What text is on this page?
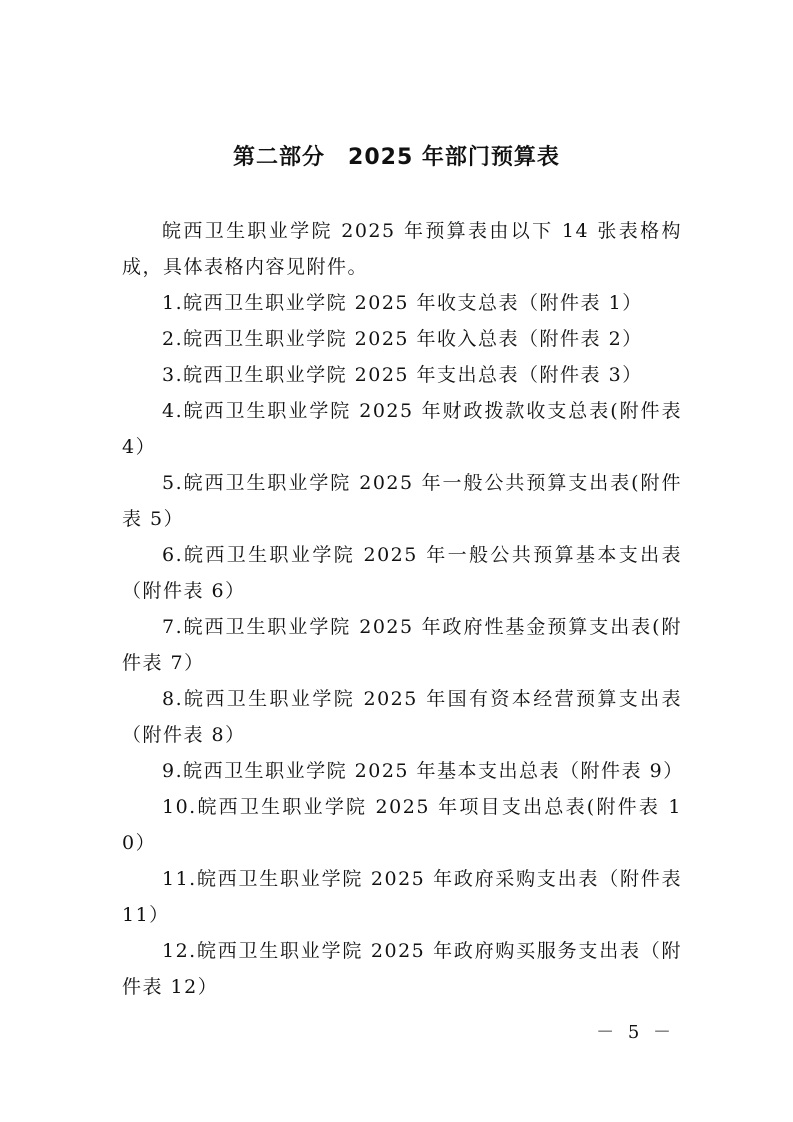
第二部分　2025 年部门预算表

皖西卫生职业学院 2025 年预算表由以下 14 张表格构成，具体表格内容见附件。

1.皖西卫生职业学院 2025 年收支总表（附件表 1）

2.皖西卫生职业学院 2025 年收入总表（附件表 2）

3.皖西卫生职业学院 2025 年支出总表（附件表 3）

4.皖西卫生职业学院 2025 年财政拨款收支总表(附件表 4）

5.皖西卫生职业学院 2025 年一般公共预算支出表(附件表 5）

6.皖西卫生职业学院 2025 年一般公共预算基本支出表（附件表 6）

7.皖西卫生职业学院 2025 年政府性基金预算支出表(附件表 7）

8.皖西卫生职业学院 2025 年国有资本经营预算支出表（附件表 8）

9.皖西卫生职业学院 2025 年基本支出总表（附件表 9）

10.皖西卫生职业学院 2025 年项目支出总表(附件表 10）

11.皖西卫生职业学院 2025 年政府采购支出表（附件表 11）

12.皖西卫生职业学院 2025 年政府购买服务支出表（附件表 12）

－ 5 －
